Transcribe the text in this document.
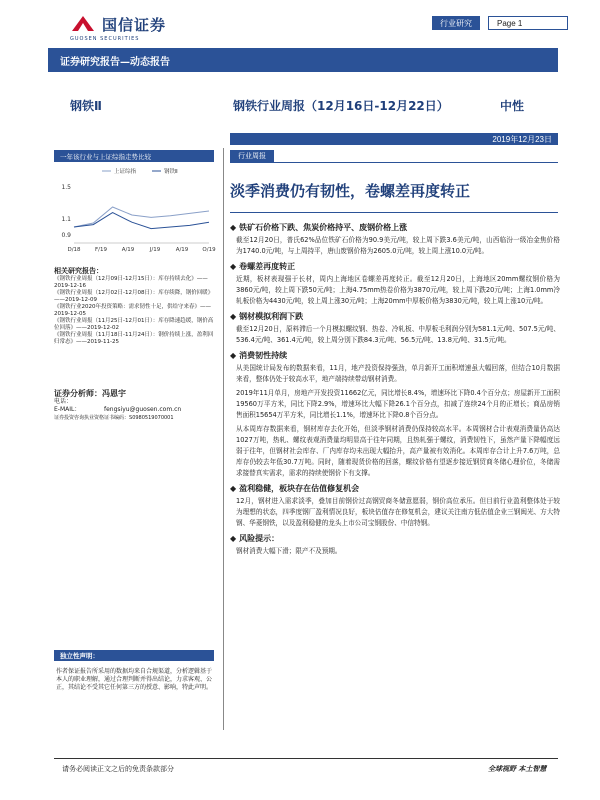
国信证券
GUOSEN SECURITIES
行业研究	Page 1
证券研究报告—动态报告
钢铁Ⅱ	钢铁行业周报（12月16日-12月22日）	中性
2019年12月23日
一年该行业与上证综指走势比较
1.5
1.1
0.9
D/18	F/19	A/19	J/19	A/19	O/19
上证综指	钢铁Ⅱ
相关研究报告：
《钢铁行业周报（12月09日-12月15日）：库存持续去化》——2019-12-16
《钢铁行业周报（12月02日-12月08日）：库存续降，钢价回暖》——2019-12-09
《钢铁行业2020年投资策略：需求韧性十足，供给守来春》——2019-12-05
《钢铁行业周报（11月25日-12月01日）：库存降速趋缓，钢价高位回落》——2019-12-02
《钢铁行业周报（11月18日-11月24日）：钢价持续上涨，盈利回归常态》——2019-11-25
证券分析师： 冯恩宇
电话：
E-MAIL：	fengsiyu@guosen.com.cn
证券投资咨询执业资格证书编码： S0980519070001
独立性声明：
作者保证报告所采用的数据均来自合规渠道，分析逻辑基于本人的职业理解，通过合理判断并得出结论，力求客观、公正，其结论不受其它任何第三方的授意、影响，特此声明。
行业周报
淡季消费仍有韧性，卷螺差再度转正
◆ 铁矿石价格下跌、焦炭价格持平、废钢价格上涨

截至12月20日，普氏62%品位铁矿石价格为90.9美元/吨，较上周下跌3.6美元/吨，山西临汾一级冶金焦价格为1740.0元/吨，与上周持平，唐山废钢价格为2605.0元/吨，较上周上涨10.0元/吨。

◆ 卷螺差再度转正

近期，板材表现强于长材，周内上海地区卷螺差再度转正。截至12月20日，上海地区20mm螺纹钢价格为3860元/吨，较上周下跌50元/吨；上海4.75mm热卷价格为3870元/吨，较上周下跌20元/吨；上海1.0mm冷轧板价格为4430元/吨，较上周上涨30元/吨；上海20mm中厚板价格为3830元/吨，较上周上涨10元/吨。

◆ 钢材模拟利润下跌

截至12月20日，原料滞后一个月模拟螺纹钢、热卷、冷轧板、中厚板毛利润分别为581.1元/吨、507.5元/吨、536.4元/吨、361.4元/吨，较上周分别下跌84.3元/吨、56.5元/吨、13.8元/吨、31.5元/吨。

◆ 消费韧性持续

从美国统计局发布的数据来看，11月，地产投资保持强劲，单月新开工面积增速虽大幅回落，但结合10月数据来看，整体仍处于较高水平，地产端持续带动钢材消费。

2019年11月单月，房地产开发投资11662亿元，同比增长8.4%，增速环比下降0.4个百分点；房屋新开工面积19560万平方米，同比下降2.9%，增速环比大幅下降26.1个百分点，扣减了连续24个月的正增长；商品房销售面积15654万平方米，同比增长1.1%，增速环比下降0.8个百分点。

从本周库存数据来看，钢材库存去化开始，但淡季钢材消费仍保持较高水平。本周钢材合计表观消费量仍高达1027万吨，热轧、螺纹表观消费量均明显高于往年同期，且热轧强于螺纹，消费韧性下，虽然产量下降幅度远弱于往年，但钢材社会库存、厂内库存均未出现大幅抬升，高产量被有效消化。本周库存合计上升7.6万吨，总库存仍较去年低30.7万吨。同时，随着现货价格的回落，螺纹价格有望逐步接近钢贸商冬储心理价位，冬储需求接替真实需求，需求的持续使钢价下有支撑。

◆ 盈利稳健，板块存在估值修复机会

12月，钢材进入需求淡季，叠加目前钢价过高钢贸商冬储意愿弱，钢价高位承压。但目前行业盈利整体处于较为理想的状态，四季度钢厂盈利情况良好，板块估值存在修复机会，建议关注南方低估值企业三钢闽光、方大特钢、华菱钢铁，以及盈利稳健的龙头上市公司宝钢股份、中信特钢。

◆ 风险提示：

钢材消费大幅下滑；限产不及预期。

请务必阅读正文之后的免责条款部分	全球视野 本土智慧
